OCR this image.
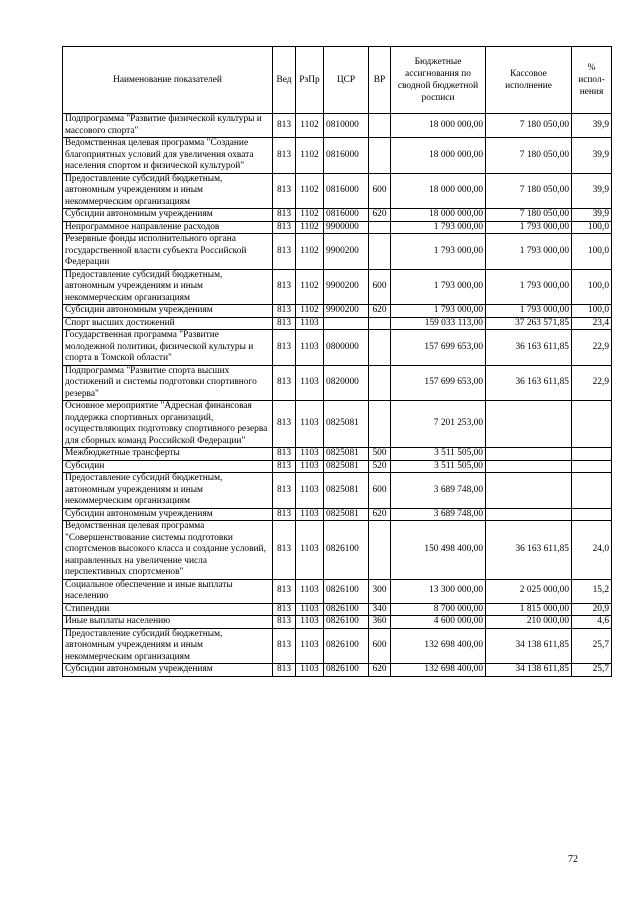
Наименование показателей	Вед	РзПр	ЦСР	ВР	Бюджетные ассигнования по сводной бюджетной росписи	Кассовое исполнение	% испол-нения
Подпрограмма "Развитие физической культуры и массового спорта"	813	1102	0810000		18 000 000,00	7 180 050,00	39,9
Ведомственная целевая программа "Создание благоприятных условий для увеличения охвата населения спортом и физической культурой"	813	1102	0816000		18 000 000,00	7 180 050,00	39,9
Предоставление субсидий бюджетным, автономным учреждениям и иным некоммерческим организациям	813	1102	0816000	600	18 000 000,00	7 180 050,00	39,9
Субсидии автономным учреждениям	813	1102	0816000	620	18 000 000,00	7 180 050,00	39,9
Непрограммное направление расходов	813	1102	9900000		1 793 000,00	1 793 000,00	100,0
Резервные фонды исполнительного органа государственной власти субъекта Российской Федерации	813	1102	9900200		1 793 000,00	1 793 000,00	100,0
Предоставление субсидий бюджетным, автономным учреждениям и иным некоммерческим организациям	813	1102	9900200	600	1 793 000,00	1 793 000,00	100,0
Субсидии автономным учреждениям	813	1102	9900200	620	1 793 000,00	1 793 000,00	100,0
Спорт высших достижений	813	1103			159 033 113,00	37 263 571,85	23,4
Государственная программа "Развитие молодежной политики, физической культуры и спорта в Томской области"	813	1103	0800000		157 699 653,00	36 163 611,85	22,9
Подпрограмма "Развитие спорта высших достижений и системы подготовки спортивного резерва"	813	1103	0820000		157 699 653,00	36 163 611,85	22,9
Основное мероприятие "Адресная финансовая поддержка спортивных организаций, осуществляющих подготовку спортивного резерва для сборных команд Российской Федерации"	813	1103	0825081		7 201 253,00		
Межбюджетные трансферты	813	1103	0825081	500	3 511 505,00		
Субсидии	813	1103	0825081	520	3 511 505,00		
Предоставление субсидий бюджетным, автономным учреждениям и иным некоммерческим организациям	813	1103	0825081	600	3 689 748,00		
Субсидии автономным учреждениям	813	1103	0825081	620	3 689 748,00		
Ведомственная целевая программа "Совершенствование системы подготовки спортсменов высокого класса и создание условий, направленных на увеличение числа перспективных спортсменов"	813	1103	0826100		150 498 400,00	36 163 611,85	24,0
Социальное обеспечение и иные выплаты населению	813	1103	0826100	300	13 300 000,00	2 025 000,00	15,2
Стипендии	813	1103	0826100	340	8 700 000,00	1 815 000,00	20,9
Иные выплаты населению	813	1103	0826100	360	4 600 000,00	210 000,00	4,6
Предоставление субсидий бюджетным, автономным учреждениям и иным некоммерческим организациям	813	1103	0826100	600	132 698 400,00	34 138 611,85	25,7
Субсидии автономным учреждениям	813	1103	0826100	620	132 698 400,00	34 138 611,85	25,7
72
